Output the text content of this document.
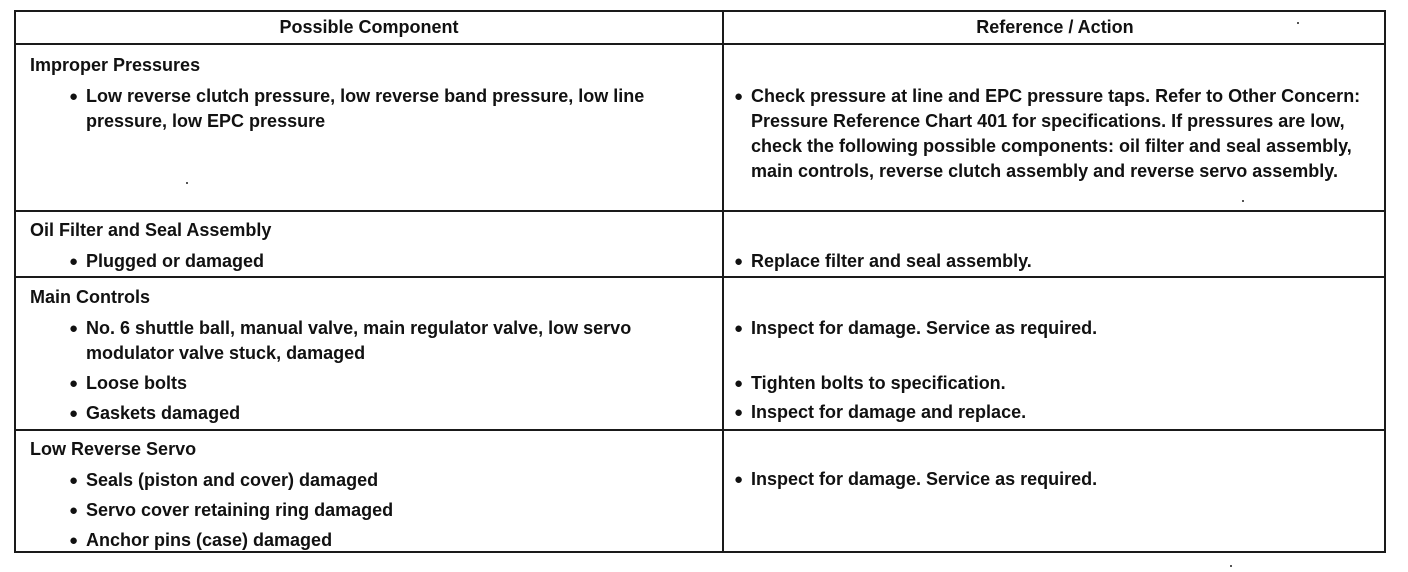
Possible Component	Reference / Action
Improper Pressures
● Low reverse clutch pressure, low reverse band pressure, low line pressure, low EPC pressure
● Check pressure at line and EPC pressure taps. Refer to Other Concern: Pressure Reference Chart 401 for specifications. If pressures are low, check the following possible components: oil filter and seal assembly, main controls, reverse clutch assembly and reverse servo assembly.
Oil Filter and Seal Assembly
● Plugged or damaged	● Replace filter and seal assembly.
Main Controls
● No. 6 shuttle ball, manual valve, main regulator valve, low servo modulator valve stuck, damaged
● Loose bolts
● Gaskets damaged
● Inspect for damage. Service as required.
● Tighten bolts to specification.
● Inspect for damage and replace.
Low Reverse Servo
● Seals (piston and cover) damaged
● Servo cover retaining ring damaged
● Anchor pins (case) damaged
● Inspect for damage. Service as required.
